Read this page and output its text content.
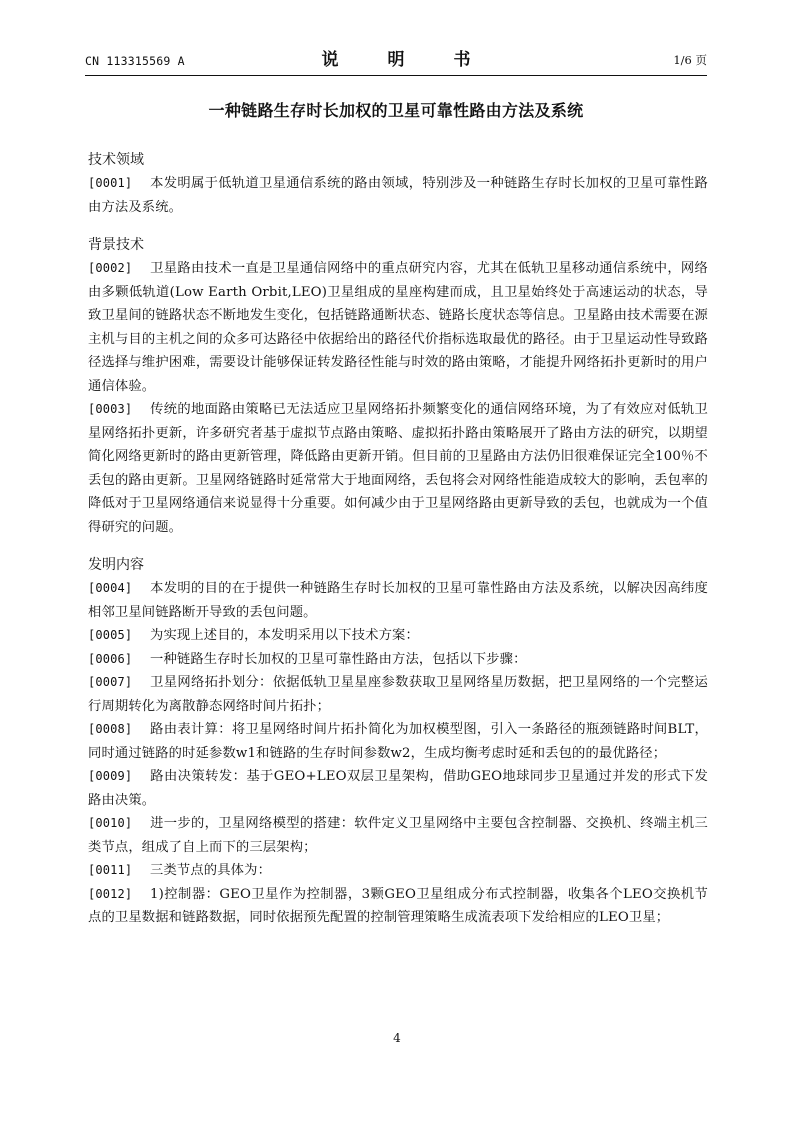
CN 113315569 A	说　明　书	1/6 页
一种链路生存时长加权的卫星可靠性路由方法及系统
技术领域

[0001] 本发明属于低轨道卫星通信系统的路由领域，特别涉及一种链路生存时长加权的卫星可靠性路由方法及系统。

背景技术

[0002] 卫星路由技术一直是卫星通信网络中的重点研究内容，尤其在低轨卫星移动通信系统中，网络由多颗低轨道(Low Earth Orbit,LEO)卫星组成的星座构建而成，且卫星始终处于高速运动的状态，导致卫星间的链路状态不断地发生变化，包括链路通断状态、链路长度状态等信息。卫星路由技术需要在源主机与目的主机之间的众多可达路径中依据给出的路径代价指标选取最优的路径。由于卫星运动性导致路径选择与维护困难，需要设计能够保证转发路径性能与时效的路由策略，才能提升网络拓扑更新时的用户通信体验。

[0003] 传统的地面路由策略已无法适应卫星网络拓扑频繁变化的通信网络环境，为了有效应对低轨卫星网络拓扑更新，许多研究者基于虚拟节点路由策略、虚拟拓扑路由策略展开了路由方法的研究，以期望简化网络更新时的路由更新管理，降低路由更新开销。但目前的卫星路由方法仍旧很难保证完全100％不丢包的路由更新。卫星网络链路时延常常大于地面网络，丢包将会对网络性能造成较大的影响，丢包率的降低对于卫星网络通信来说显得十分重要。如何减少由于卫星网络路由更新导致的丢包，也就成为一个值得研究的问题。

发明内容

[0004] 本发明的目的在于提供一种链路生存时长加权的卫星可靠性路由方法及系统，以解决因高纬度相邻卫星间链路断开导致的丢包问题。

[0005] 为实现上述目的，本发明采用以下技术方案：

[0006] 一种链路生存时长加权的卫星可靠性路由方法，包括以下步骤：

[0007] 卫星网络拓扑划分：依据低轨卫星星座参数获取卫星网络星历数据，把卫星网络的一个完整运行周期转化为离散静态网络时间片拓扑；

[0008] 路由表计算：将卫星网络时间片拓扑简化为加权模型图，引入一条路径的瓶颈链路时间BLT，同时通过链路的时延参数w1和链路的生存时间参数w2，生成均衡考虑时延和丢包的的最优路径；

[0009] 路由决策转发：基于GEO+LEO双层卫星架构，借助GEO地球同步卫星通过并发的形式下发路由决策。

[0010] 进一步的，卫星网络模型的搭建：软件定义卫星网络中主要包含控制器、交换机、终端主机三类节点，组成了自上而下的三层架构；

[0011] 三类节点的具体为：

[0012] 1)控制器：GEO卫星作为控制器，3颗GEO卫星组成分布式控制器，收集各个LEO交换机节点的卫星数据和链路数据，同时依据预先配置的控制管理策略生成流表项下发给相应的LEO卫星；

4
